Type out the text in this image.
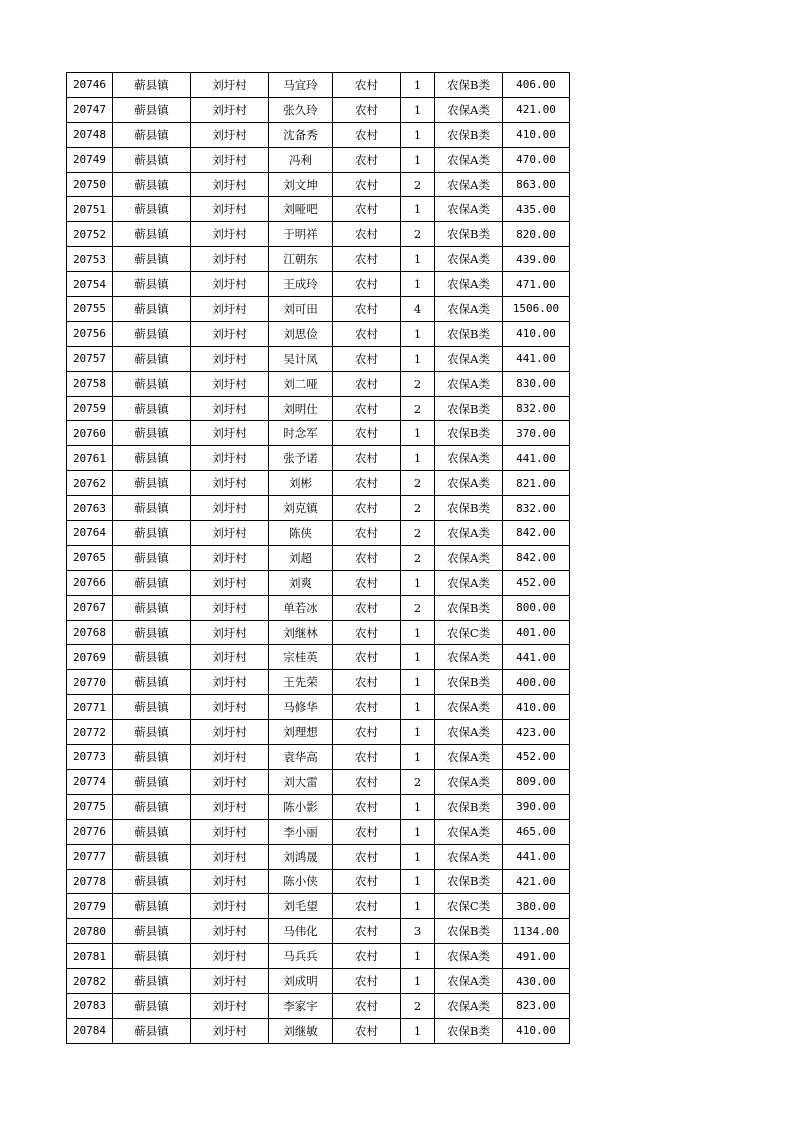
20746	蕲县镇	刘圩村	马宜玲	农村	1	农保B类	406.00
20747	蕲县镇	刘圩村	张久玲	农村	1	农保A类	421.00
20748	蕲县镇	刘圩村	沈备秀	农村	1	农保B类	410.00
20749	蕲县镇	刘圩村	冯利	农村	1	农保A类	470.00
20750	蕲县镇	刘圩村	刘文坤	农村	2	农保A类	863.00
20751	蕲县镇	刘圩村	刘哑吧	农村	1	农保A类	435.00
20752	蕲县镇	刘圩村	于明祥	农村	2	农保B类	820.00
20753	蕲县镇	刘圩村	江朝东	农村	1	农保A类	439.00
20754	蕲县镇	刘圩村	王成玲	农村	1	农保A类	471.00
20755	蕲县镇	刘圩村	刘可田	农村	4	农保A类	1506.00
20756	蕲县镇	刘圩村	刘思俭	农村	1	农保B类	410.00
20757	蕲县镇	刘圩村	吴计凤	农村	1	农保A类	441.00
20758	蕲县镇	刘圩村	刘二哑	农村	2	农保A类	830.00
20759	蕲县镇	刘圩村	刘明仕	农村	2	农保B类	832.00
20760	蕲县镇	刘圩村	时念军	农村	1	农保B类	370.00
20761	蕲县镇	刘圩村	张予诺	农村	1	农保A类	441.00
20762	蕲县镇	刘圩村	刘彬	农村	2	农保A类	821.00
20763	蕲县镇	刘圩村	刘克镇	农村	2	农保B类	832.00
20764	蕲县镇	刘圩村	陈侠	农村	2	农保A类	842.00
20765	蕲县镇	刘圩村	刘超	农村	2	农保A类	842.00
20766	蕲县镇	刘圩村	刘爽	农村	1	农保A类	452.00
20767	蕲县镇	刘圩村	单若冰	农村	2	农保B类	800.00
20768	蕲县镇	刘圩村	刘继林	农村	1	农保C类	401.00
20769	蕲县镇	刘圩村	宗桂英	农村	1	农保A类	441.00
20770	蕲县镇	刘圩村	王先荣	农村	1	农保B类	400.00
20771	蕲县镇	刘圩村	马修华	农村	1	农保A类	410.00
20772	蕲县镇	刘圩村	刘理想	农村	1	农保A类	423.00
20773	蕲县镇	刘圩村	袁华高	农村	1	农保A类	452.00
20774	蕲县镇	刘圩村	刘大雷	农村	2	农保A类	809.00
20775	蕲县镇	刘圩村	陈小影	农村	1	农保B类	390.00
20776	蕲县镇	刘圩村	李小丽	农村	1	农保A类	465.00
20777	蕲县镇	刘圩村	刘鸿晟	农村	1	农保A类	441.00
20778	蕲县镇	刘圩村	陈小侠	农村	1	农保B类	421.00
20779	蕲县镇	刘圩村	刘毛望	农村	1	农保C类	380.00
20780	蕲县镇	刘圩村	马伟化	农村	3	农保B类	1134.00
20781	蕲县镇	刘圩村	马兵兵	农村	1	农保A类	491.00
20782	蕲县镇	刘圩村	刘成明	农村	1	农保A类	430.00
20783	蕲县镇	刘圩村	李家宇	农村	2	农保A类	823.00
20784	蕲县镇	刘圩村	刘继敏	农村	1	农保B类	410.00
